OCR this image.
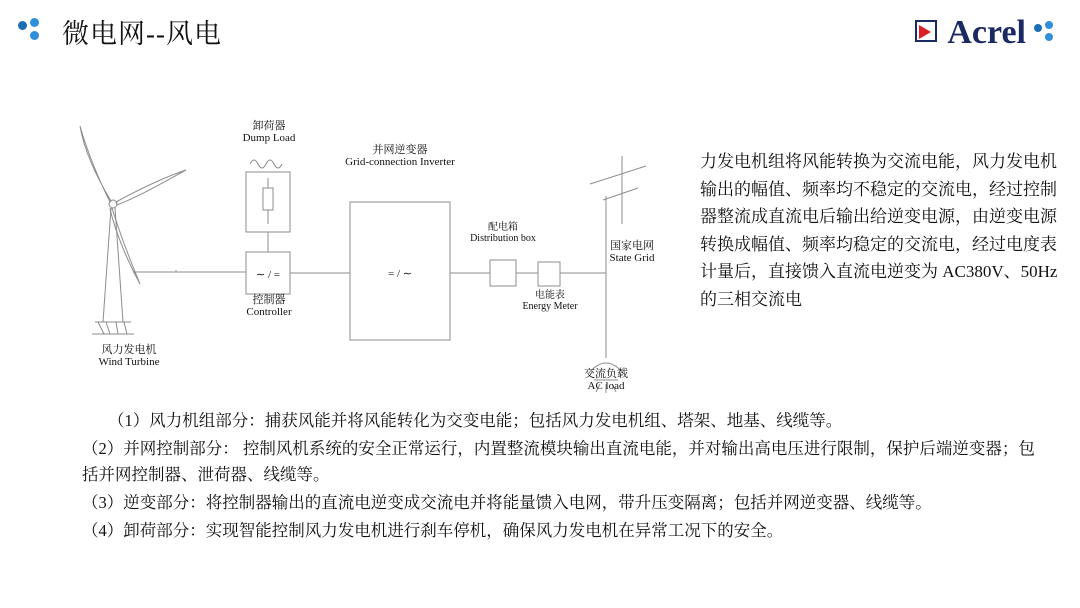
微电网--风电	Acrel
∼ / =	= / ∼
卸荷器
Dump Load
并网逆变器
Grid-connection Inverter
配电箱
Distribution box
电能表
Energy Meter
国家电网
State Grid
控制器
Controller
风力发电机
Wind Turbine
交流负载
AC load
力发电机组将风能转换为交流电能，风力发电机输出的幅值、频率均不稳定的交流电，经过控制器整流成直流电后输出给逆变电源，由逆变电源转换成幅值、频率均稳定的交流电，经过电度表计量后，直接馈入直流电逆变为 AC380V、50Hz的三相交流电

（1）风力机组部分：捕获风能并将风能转化为交变电能；包括风力发电机组、塔架、地基、线缆等。

（2）并网控制部分： 控制风机系统的安全正常运行，内置整流模块输出直流电能，并对输出高电压进行限制，保护后端逆变器；包括并网控制器、泄荷器、线缆等。

（3）逆变部分：将控制器输出的直流电逆变成交流电并将能量馈入电网，带升压变隔离；包括并网逆变器、线缆等。

（4）卸荷部分：实现智能控制风力发电机进行刹车停机，确保风力发电机在异常工况下的安全。
